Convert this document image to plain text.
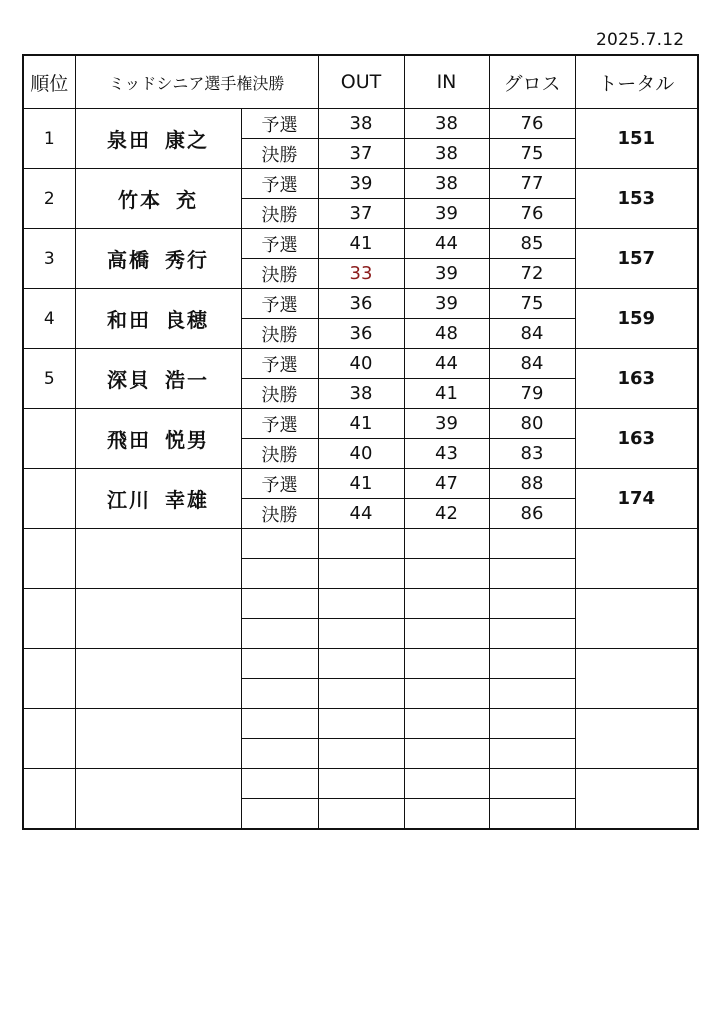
2025.7.12
順位	ミッドシニア選手権決勝		OUT	IN	グロス	トータル
1	泉田 康之	予選	38	38	76	151
		決勝	37	38	75	
2	竹本 充	予選	39	38	77	153
		決勝	37	39	76	
3	高橋 秀行	予選	41	44	85	157
		決勝	33	39	72	
4	和田 良穂	予選	36	39	75	159
		決勝	36	48	84	
5	深貝 浩一	予選	40	44	84	163
		決勝	38	41	79	
	飛田 悦男	予選	41	39	80	163
		決勝	40	43	83	
	江川 幸雄	予選	41	47	88	174
		決勝	44	42	86	
